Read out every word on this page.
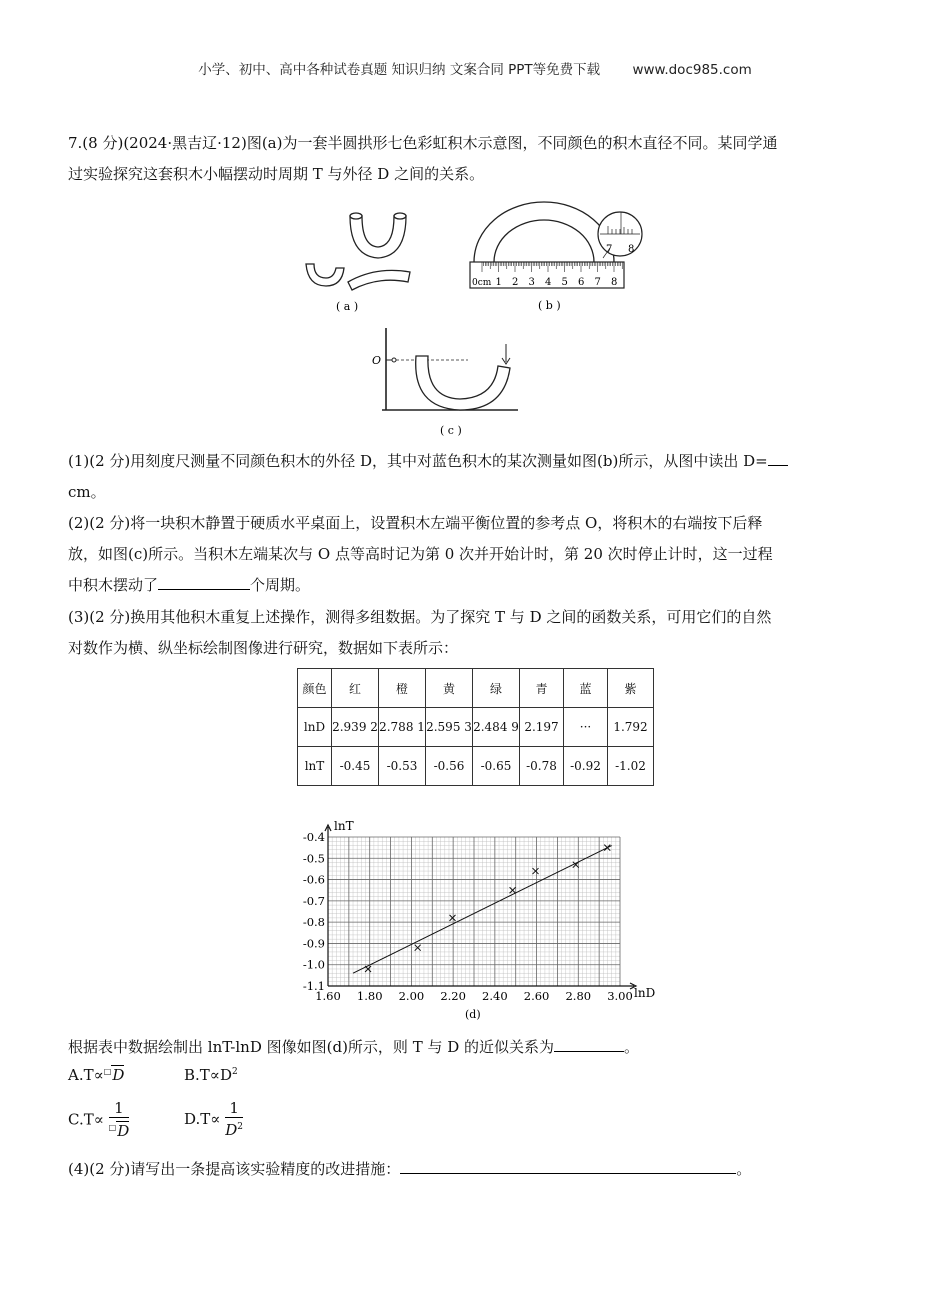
小学、初中、高中各种试卷真题 知识归纳 文案合同 PPT等免费下载 www.doc985.com
7.(8 分)(2024·黑吉辽·12)图(a)为一套半圆拱形七色彩虹积木示意图，不同颜色的积木直径不同。某同学通
过实验探究这套积木小幅摆动时周期 T 与外径 D 之间的关系。
( a )
0cm 1 2 3 4 5 6 7 8
7 8
( b )
O
( c )
(1)(2 分)用刻度尺测量不同颜色积木的外径 D，其中对蓝色积木的某次测量如图(b)所示，从图中读出 D=
cm。
(2)(2 分)将一块积木静置于硬质水平桌面上，设置积木左端平衡位置的参考点 O，将积木的右端按下后释
放，如图(c)所示。当积木左端某次与 O 点等高时记为第 0 次并开始计时，第 20 次时停止计时，这一过程
中积木摆动了	个周期。
(3)(2 分)换用其他积木重复上述操作，测得多组数据。为了探究 T 与 D 之间的函数关系，可用它们的自然
对数作为横、纵坐标绘制图像进行研究，数据如下表所示：
颜色	红	橙	黄	绿	青	蓝	紫
lnD	2.939 2	2.788 1	2.595 3	2.484 9	2.197	···	1.792
lnT	-0.45	-0.53	-0.56	-0.65	-0.78	-0.92	-1.02
1.60 1.80 2.00 2.20 2.40 2.60 2.80 3.00
-0.4
-0.5
-0.6
-0.7
-0.8
-0.9
-1.0
-1.1
lnT
lnD
(d)
根据表中数据绘制出 lnT-lnD 图像如图(d)所示，则 T 与 D 的近似关系为	。
A.T∝□D	$B.T\propto D^2$
$C.T\propto \frac{1}{^□D}$	$D.T\propto \frac{1}{D^2}$
(4)(2 分)请写出一条提高该实验精度的改进措施：	。
